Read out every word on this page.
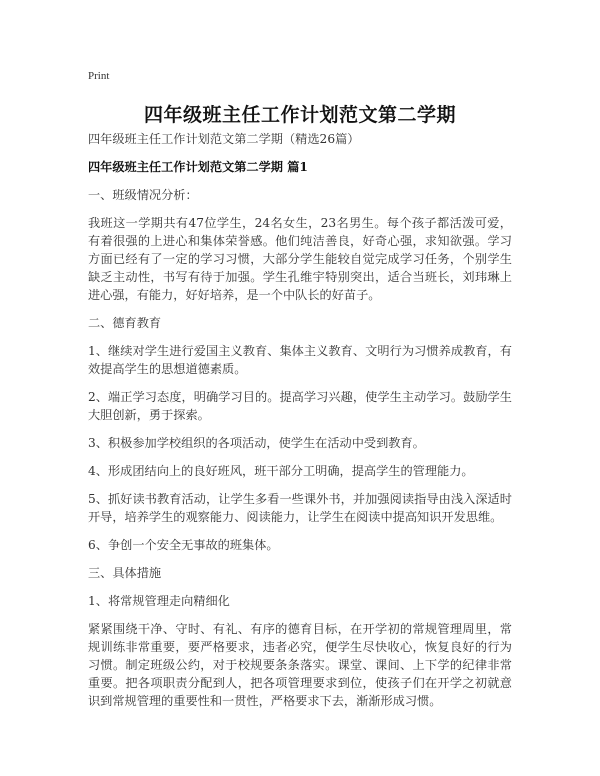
Print
四年级班主任工作计划范文第二学期

四年级班主任工作计划范文第二学期（精选26篇）

四年级班主任工作计划范文第二学期 篇1

一、班级情况分析：

我班这一学期共有47位学生，24名女生，23名男生。每个孩子都活泼可爱，有着很强的上进心和集体荣誉感。他们纯洁善良，好奇心强，求知欲强。学习方面已经有了一定的学习习惯，大部分学生能较自觉完成学习任务，个别学生缺乏主动性，书写有待于加强。学生孔维宇特别突出，适合当班长，刘玮琳上进心强，有能力，好好培养，是一个中队长的好苗子。

二、德育教育

1、继续对学生进行爱国主义教育、集体主义教育、文明行为习惯养成教育，有效提高学生的思想道德素质。

2、端正学习态度，明确学习目的。提高学习兴趣，使学生主动学习。鼓励学生大胆创新，勇于探索。

3、积极参加学校组织的各项活动，使学生在活动中受到教育。

4、形成团结向上的良好班风，班干部分工明确，提高学生的管理能力。

5、抓好读书教育活动，让学生多看一些课外书，并加强阅读指导由浅入深适时开导，培养学生的观察能力、阅读能力，让学生在阅读中提高知识开发思维。

6、争创一个安全无事故的班集体。

三、具体措施

1、将常规管理走向精细化

紧紧围绕干净、守时、有礼、有序的德育目标，在开学初的常规管理周里，常规训练非常重要，要严格要求，违者必究，便学生尽快收心，恢复良好的行为习惯。制定班级公约，对于校规要条条落实。课堂、课间、上下学的纪律非常重要。把各项职责分配到人，把各项管理要求到位，使孩子们在开学之初就意识到常规管理的重要性和一贯性，严格要求下去，渐渐形成习惯。
